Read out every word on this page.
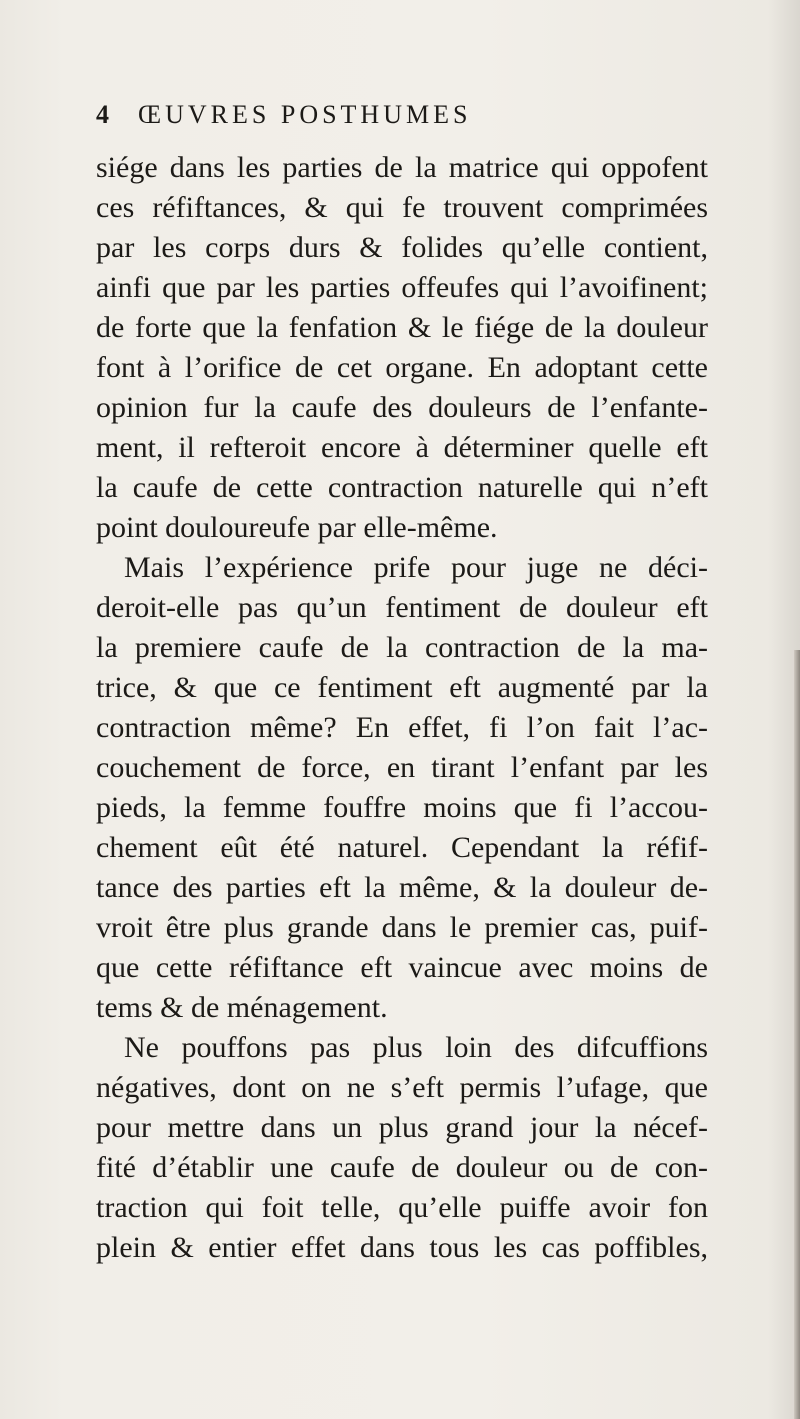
4 ŒUVRES POSTHUMES
siége dans les parties de la matrice qui oppofent
ces réfiftances, & qui fe trouvent comprimées
par les corps durs & folides qu’elle contient,
ainfi que par les parties offeufes qui l’avoifinent;
de forte que la fenfation & le fiége de la douleur
font à l’orifice de cet organe. En adoptant cette
opinion fur la caufe des douleurs de l’enfante-
ment, il refteroit encore à déterminer quelle eft
la caufe de cette contraction naturelle qui n’eft
point douloureufe par elle-même.
Mais l’expérience prife pour juge ne déci-
deroit-elle pas qu’un fentiment de douleur eft
la premiere caufe de la contraction de la ma-
trice, & que ce fentiment eft augmenté par la
contraction même? En effet, fi l’on fait l’ac-
couchement de force, en tirant l’enfant par les
pieds, la femme fouffre moins que fi l’accou-
chement eût été naturel. Cependant la réfif-
tance des parties eft la même, & la douleur de-
vroit être plus grande dans le premier cas, puif-
que cette réfiftance eft vaincue avec moins de
tems & de ménagement.
Ne pouffons pas plus loin des difcuffions
négatives, dont on ne s’eft permis l’ufage, que
pour mettre dans un plus grand jour la nécef-
fité d’établir une caufe de douleur ou de con-
traction qui foit telle, qu’elle puiffe avoir fon
plein & entier effet dans tous les cas poffibles,
